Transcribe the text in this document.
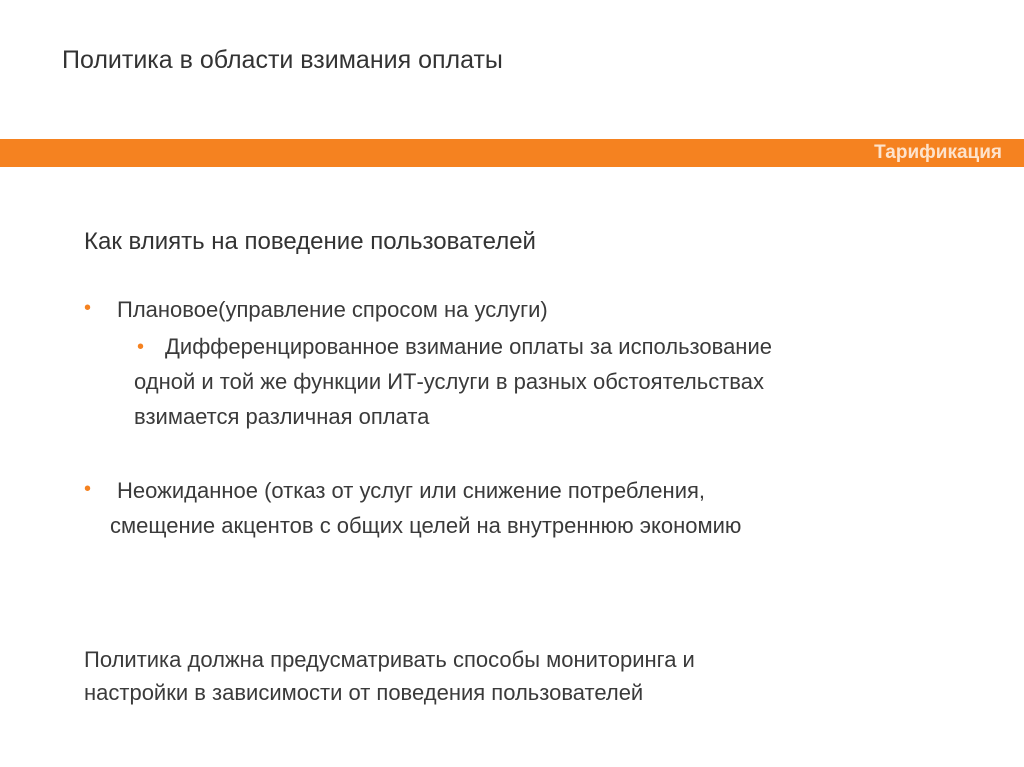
Политика в области взимания оплаты
Тарификация
Как влиять на поведение пользователей
• Плановое(управление спросом на услуги)
• Дифференцированное взимание оплаты за использование
одной и той же функции ИТ-услуги в разных обстоятельствах
взимается различная оплата
• Неожиданное (отказ от услуг или снижение потребления,
смещение акцентов с общих целей на внутреннюю экономию
Политика должна предусматривать способы мониторинга и
настройки в зависимости от поведения пользователей
